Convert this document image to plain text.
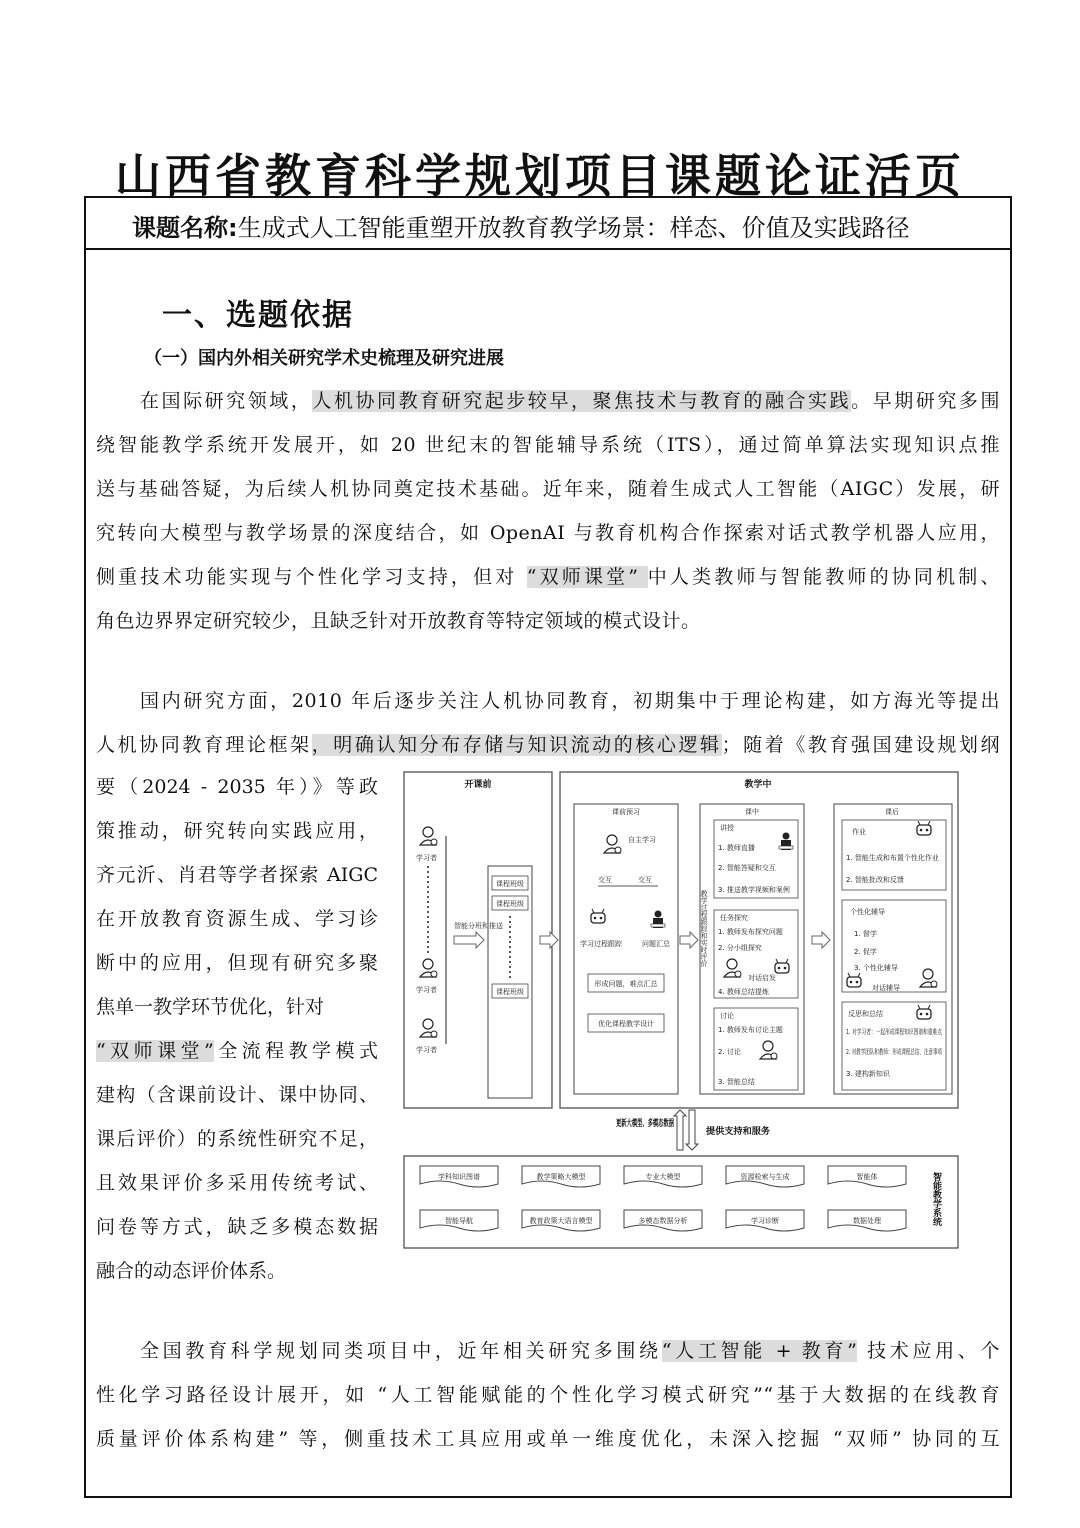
山西省教育科学规划项目课题论证活页
课题名称:生成式人工智能重塑开放教育教学场景：样态、价值及实践路径
一、选题依据
（一）国内外相关研究学术史梳理及研究进展
在国际研究领域，人机协同教育研究起步较早，聚焦技术与教育的融合实践。早期研究多围
绕智能教学系统开发展开，如 20 世纪末的智能辅导系统（ITS），通过简单算法实现知识点推
送与基础答疑，为后续人机协同奠定技术基础。近年来，随着生成式人工智能（AIGC）发展，研
究转向大模型与教学场景的深度结合，如 OpenAI 与教育机构合作探索对话式教学机器人应用，
侧重技术功能实现与个性化学习支持，但对 “双师课堂” 中人类教师与智能教师的协同机制、
角色边界界定研究较少，且缺乏针对开放教育等特定领域的模式设计。
国内研究方面，2010 年后逐步关注人机协同教育，初期集中于理论构建，如方海光等提出
人机协同教育理论框架，明确认知分布存储与知识流动的核心逻辑；随着《教育强国建设规划纲
要（2024 - 2035 年）》等政
策推动，研究转向实践应用，
齐元沂、肖君等学者探索 AIGC
在开放教育资源生成、学习诊
断中的应用，但现有研究多聚
焦单一教学环节优化，针对
“双师课堂”全流程教学模式
建构（含课前设计、课中协同、
课后评价）的系统性研究不足，
且效果评价多采用传统考试、
问卷等方式，缺乏多模态数据
融合的动态评价体系。
全国教育科学规划同类项目中，近年相关研究多围绕“人工智能 + 教育” 技术应用、个
性化学习路径设计展开，如 “人工智能赋能的个性化学习模式研究”“基于大数据的在线教育
质量评价体系构建” 等，侧重技术工具应用或单一维度优化，未深入挖掘 “双师” 协同的互
开课前
学习者
学习者
学习者
智能分班和推送
课程班级
课程班级
课程班级
教学中
课前预习
自主学习
交互	交互
学习过程跟踪	问题汇总
形成问题，难点汇总
优化课程教学设计
教学过程跟踪和实时评价
课中
讲授
1. 教师直播
2. 智能答疑和交互
3. 推送教学视频和案例
任务探究
1. 教师发布探究问题
2. 分小组探究
对话启发
4. 教师总结提炼
讨论
1. 教师发布讨论主题
2. 讨论
3. 智能总结
课后
作业
1. 智能生成和布置个性化作业
2. 智能批改和反馈
个性化辅导
1. 督学
2. 促学
3. 个性化辅导
对话辅导
反思和总结
1. 对学习者：一起形成课程知识图谱和重难点
2. 对教学团队和教师：形成课程总结、注意事项
3. 建构新知识
更新大模型、多模态数据
提供支持和服务
智能教学系统
学科知识图谱	教学策略大模型	专业大模型	资源检索与生成	智能体
智能导航	教育政策大语言模型	多模态数据分析	学习诊断	数据处理
